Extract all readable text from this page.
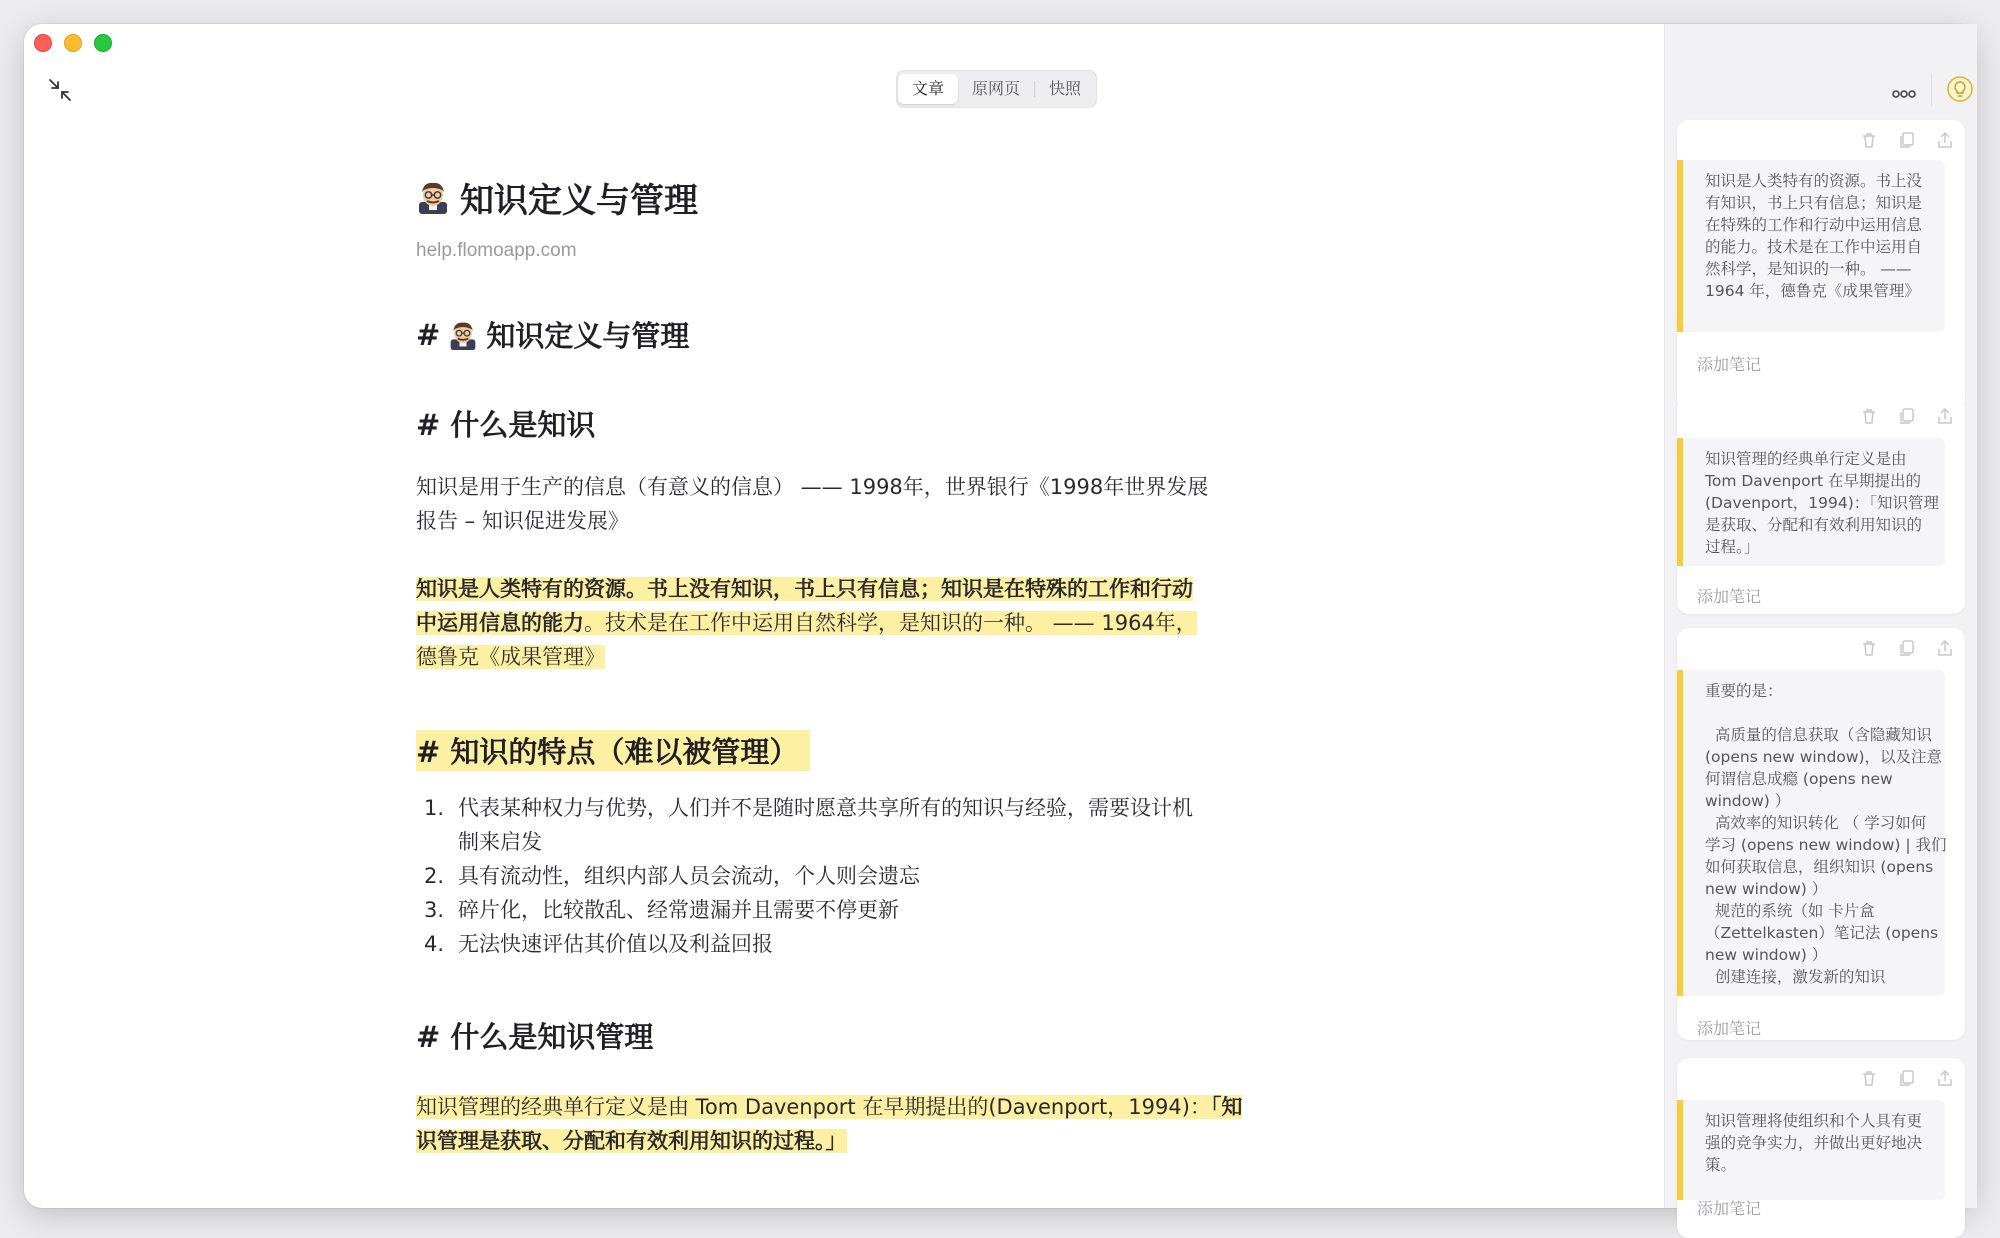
文章	原网页	快照
知识定义与管理
help.flomoapp.com
# 知识定义与管理
# 什么是知识
知识是用于生产的信息（有意义的信息） —— 1998年，世界银行《1998年世界发展
报告 – 知识促进发展》
知识是人类特有的资源。书上没有知识，书上只有信息；知识是在特殊的工作和行动
中运用信息的能力。技术是在工作中运用自然科学，是知识的一种。 —— 1964年，
德鲁克《成果管理》
# 知识的特点（难以被管理）
1. 代表某种权力与优势，人们并不是随时愿意共享所有的知识与经验，需要设计机
制来启发
2. 具有流动性，组织内部人员会流动，个人则会遗忘
3. 碎片化，比较散乱、经常遗漏并且需要不停更新
4. 无法快速评估其价值以及利益回报
# 什么是知识管理
知识管理的经典单行定义是由 Tom Davenport 在早期提出的(Davenport，1994)：「知
识管理是获取、分配和有效利用知识的过程。」
知识是人类特有的资源。书上没
有知识，书上只有信息；知识是
在特殊的工作和行动中运用信息
的能力。技术是在工作中运用自
然科学，是知识的一种。 ——
1964 年，德鲁克《成果管理》
添加笔记
知识管理的经典单行定义是由
Tom Davenport 在早期提出的
(Davenport，1994)：「知识管理
是获取、分配和有效利用知识的
过程。」
添加笔记
重要的是：
高质量的信息获取（含隐藏知识
(opens new window)，以及注意
何谓信息成瘾 (opens new
window) ）
高效率的知识转化 （ 学习如何
学习 (opens new window) | 我们
如何获取信息，组织知识 (opens
new window) ）
规范的系统（如 卡片盒
（Zettelkasten）笔记法 (opens
new window) ）
创建连接，激发新的知识
添加笔记
知识管理将使组织和个人具有更
强的竞争实力，并做出更好地决
策。
添加笔记
